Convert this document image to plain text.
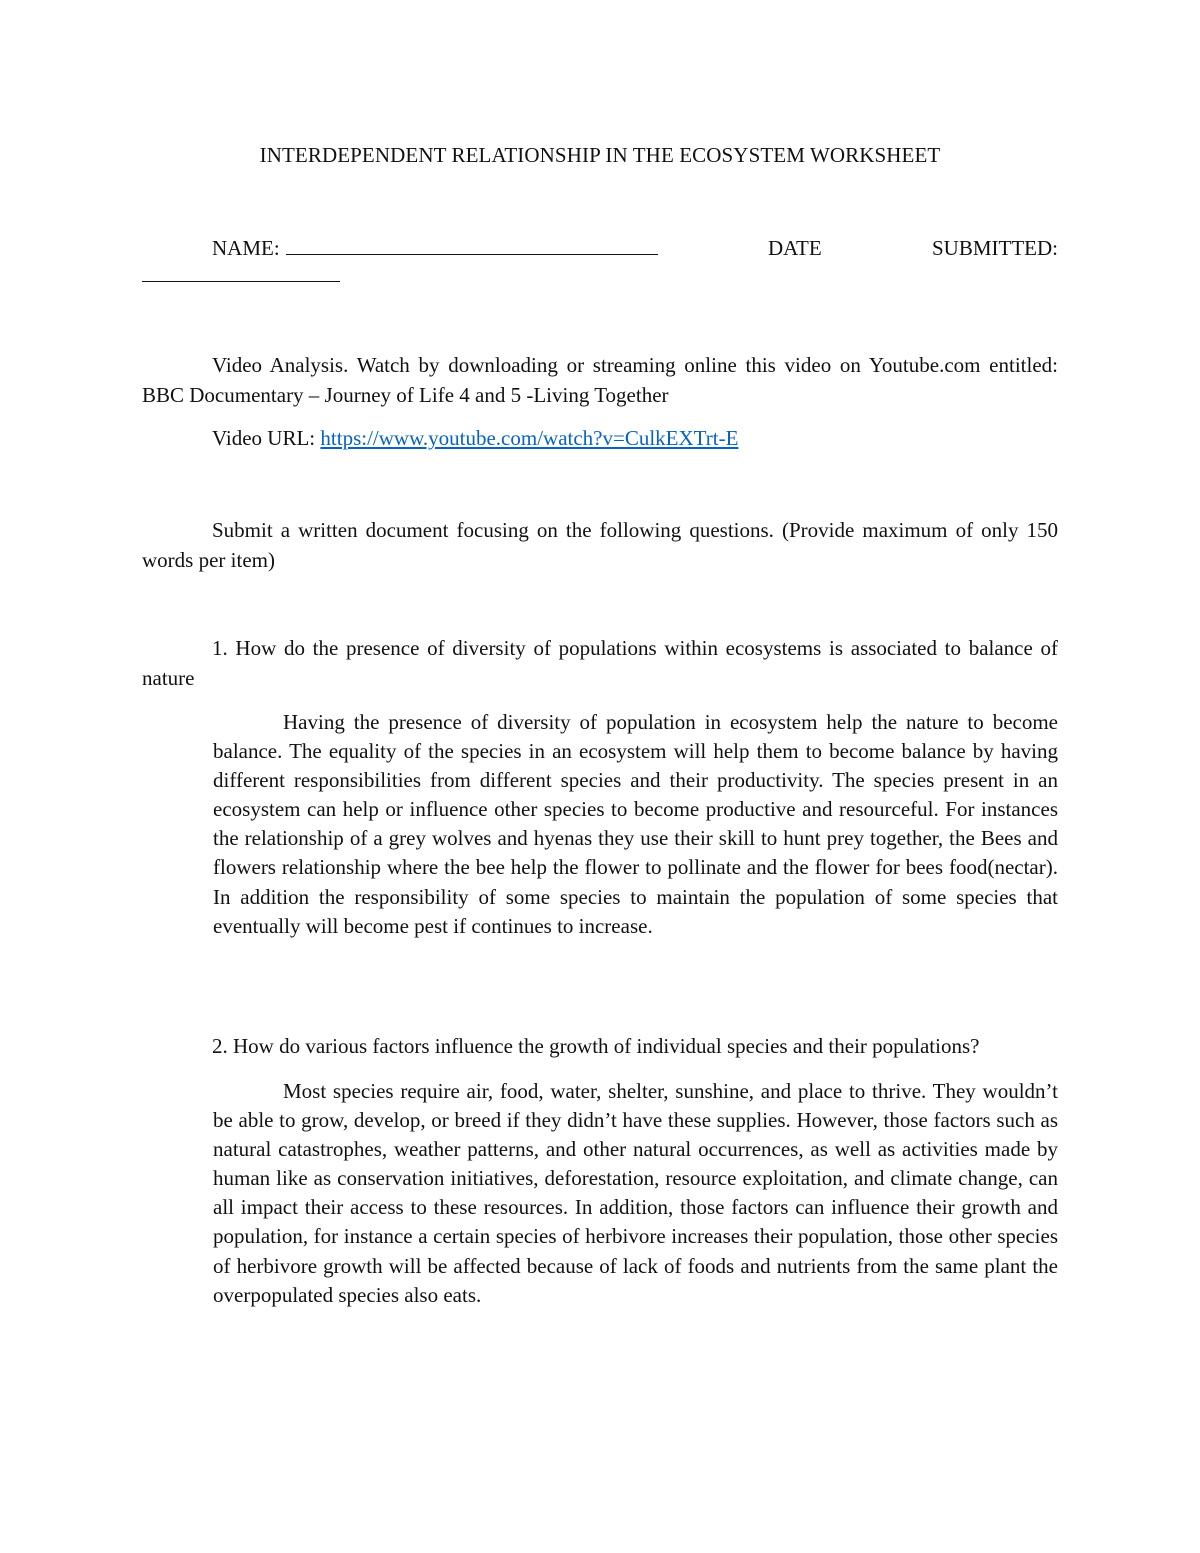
INTERDEPENDENT RELATIONSHIP IN THE ECOSYSTEM WORKSHEET
NAME:	DATE	SUBMITTED:
Video Analysis. Watch by downloading or streaming online this video on Youtube.com entitled: BBC Documentary – Journey of Life 4 and 5 -Living Together
Video URL: https://www.youtube.com/watch?v=CulkEXTrt-E
Submit a written document focusing on the following questions. (Provide maximum of only 150 words per item)
1. How do the presence of diversity of populations within ecosystems is associated to balance of nature
Having the presence of diversity of population in ecosystem help the nature to become balance. The equality of the species in an ecosystem will help them to become balance by having different responsibilities from different species and their productivity. The species present in an ecosystem can help or influence other species to become productive and resourceful. For instances the relationship of a grey wolves and hyenas they use their skill to hunt prey together, the Bees and flowers relationship where the bee help the flower to pollinate and the flower for bees food(nectar). In addition the responsibility of some species to maintain the population of some species that eventually will become pest if continues to increase.
2. How do various factors influence the growth of individual species and their populations?
Most species require air, food, water, shelter, sunshine, and place to thrive. They wouldn’t be able to grow, develop, or breed if they didn’t have these supplies. However, those factors such as natural catastrophes, weather patterns, and other natural occurrences, as well as activities made by human like as conservation initiatives, deforestation, resource exploitation, and climate change, can all impact their access to these resources. In addition, those factors can influence their growth and population, for instance a certain species of herbivore increases their population, those other species of herbivore growth will be affected because of lack of foods and nutrients from the same plant the overpopulated species also eats.
